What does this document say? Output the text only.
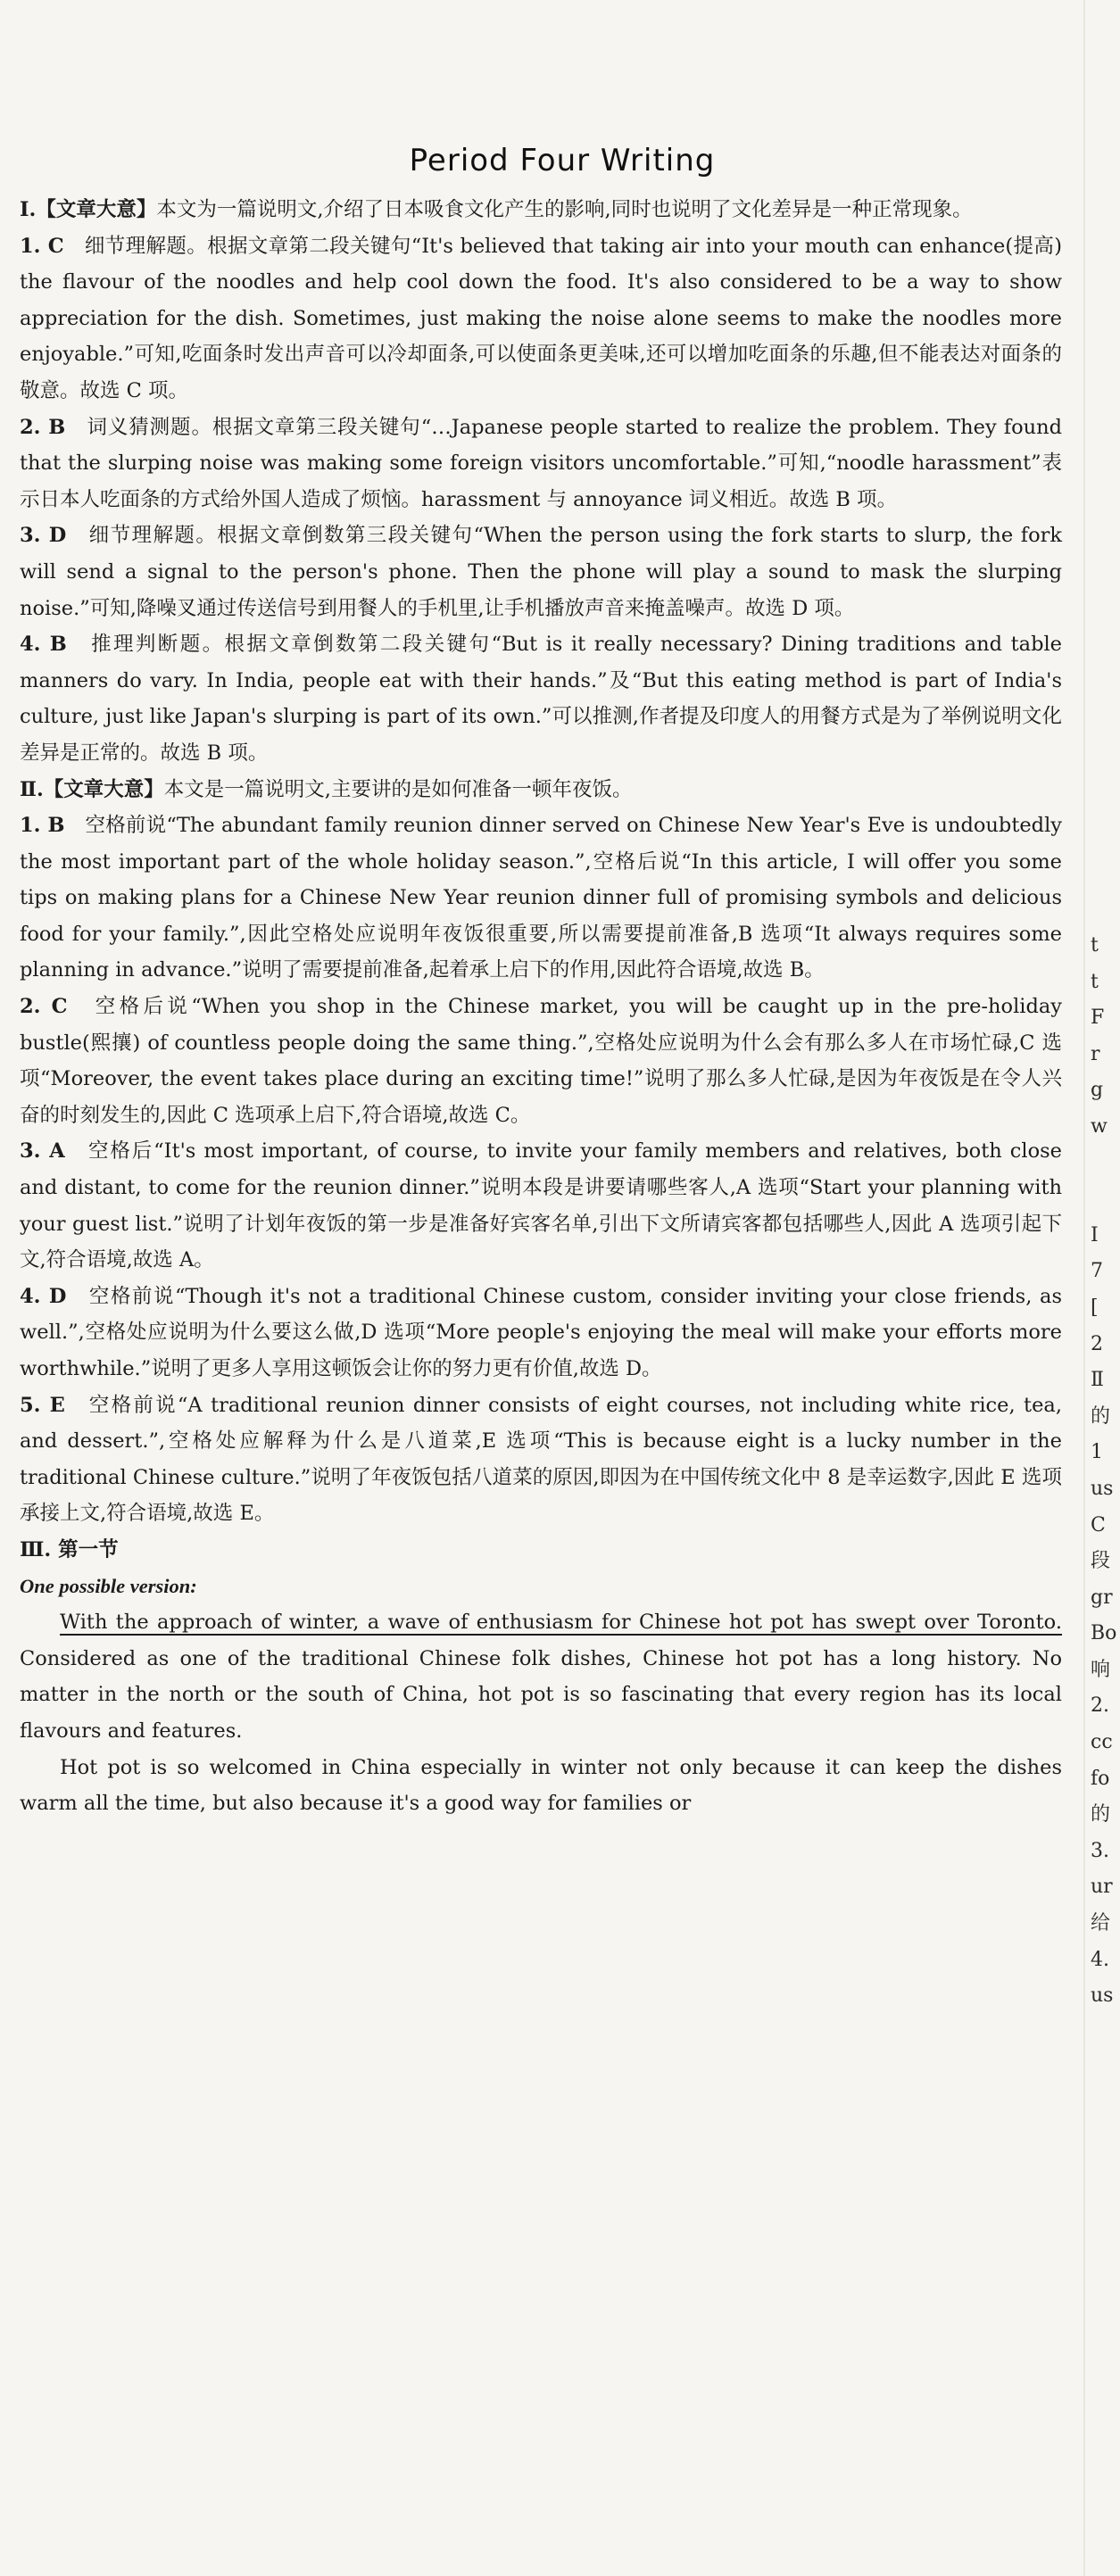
Period Four Writing

Ⅰ.【文章大意】本文为一篇说明文,介绍了日本吸食文化产生的影响,同时也说明了文化差异是一种正常现象。

1. C　细节理解题。根据文章第二段关键句“It's believed that taking air into your mouth can enhance(提高) the flavour of the noodles and help cool down the food. It's also considered to be a way to show appreciation for the dish. Sometimes, just making the noise alone seems to make the noodles more enjoyable.”可知,吃面条时发出声音可以冷却面条,可以使面条更美味,还可以增加吃面条的乐趣,但不能表达对面条的敬意。故选 C 项。

2. B　词义猜测题。根据文章第三段关键句“…Japanese people started to realize the problem. They found that the slurping noise was making some foreign visitors uncomfortable.”可知,“noodle harassment”表示日本人吃面条的方式给外国人造成了烦恼。harassment 与 annoyance 词义相近。故选 B 项。

3. D　细节理解题。根据文章倒数第三段关键句“When the person using the fork starts to slurp, the fork will send a signal to the person's phone. Then the phone will play a sound to mask the slurping noise.”可知,降噪叉通过传送信号到用餐人的手机里,让手机播放声音来掩盖噪声。故选 D 项。

4. B　推理判断题。根据文章倒数第二段关键句“But is it really necessary? Dining traditions and table manners do vary. In India, people eat with their hands.”及“But this eating method is part of India's culture, just like Japan's slurping is part of its own.”可以推测,作者提及印度人的用餐方式是为了举例说明文化差异是正常的。故选 B 项。

Ⅱ.【文章大意】本文是一篇说明文,主要讲的是如何准备一顿年夜饭。

1. B　空格前说“The abundant family reunion dinner served on Chinese New Year's Eve is undoubtedly the most important part of the whole holiday season.”,空格后说“In this article, I will offer you some tips on making plans for a Chinese New Year reunion dinner full of promising symbols and delicious food for your family.”,因此空格处应说明年夜饭很重要,所以需要提前准备,B 选项“It always requires some planning in advance.”说明了需要提前准备,起着承上启下的作用,因此符合语境,故选 B。

2. C　空格后说“When you shop in the Chinese market, you will be caught up in the pre-holiday bustle(熙攘) of countless people doing the same thing.”,空格处应说明为什么会有那么多人在市场忙碌,C 选项“Moreover, the event takes place during an exciting time!”说明了那么多人忙碌,是因为年夜饭是在令人兴奋的时刻发生的,因此 C 选项承上启下,符合语境,故选 C。

3. A　空格后“It's most important, of course, to invite your family members and relatives, both close and distant, to come for the reunion dinner.”说明本段是讲要请哪些客人,A 选项“Start your planning with your guest list.”说明了计划年夜饭的第一步是准备好宾客名单,引出下文所请宾客都包括哪些人,因此 A 选项引起下文,符合语境,故选 A。

4. D　空格前说“Though it's not a traditional Chinese custom, consider inviting your close friends, as well.”,空格处应说明为什么要这么做,D 选项“More people's enjoying the meal will make your efforts more worthwhile.”说明了更多人享用这顿饭会让你的努力更有价值,故选 D。

5. E　空格前说“A traditional reunion dinner consists of eight courses, not including white rice, tea, and dessert.”,空格处应解释为什么是八道菜,E 选项“This is because eight is a lucky number in the traditional Chinese culture.”说明了年夜饭包括八道菜的原因,即因为在中国传统文化中 8 是幸运数字,因此 E 选项承接上文,符合语境,故选 E。

Ⅲ. 第一节

One possible version:

With the approach of winter, a wave of enthusiasm for Chinese hot pot has swept over Toronto. Considered as one of the traditional Chinese folk dishes, Chinese hot pot has a long history. No matter in the north or the south of China, hot pot is so fascinating that every region has its local flavours and features.

Hot pot is so welcomed in China especially in winter not only because it can keep the dishes warm all the time, but also because it's a good way for families or

t
t
F
r
g
w
I
7
[
2
Ⅱ
的
1
us
C
段
gr
Bo
响
2.
cc
fo
的
3.
ur
给
4.
us
